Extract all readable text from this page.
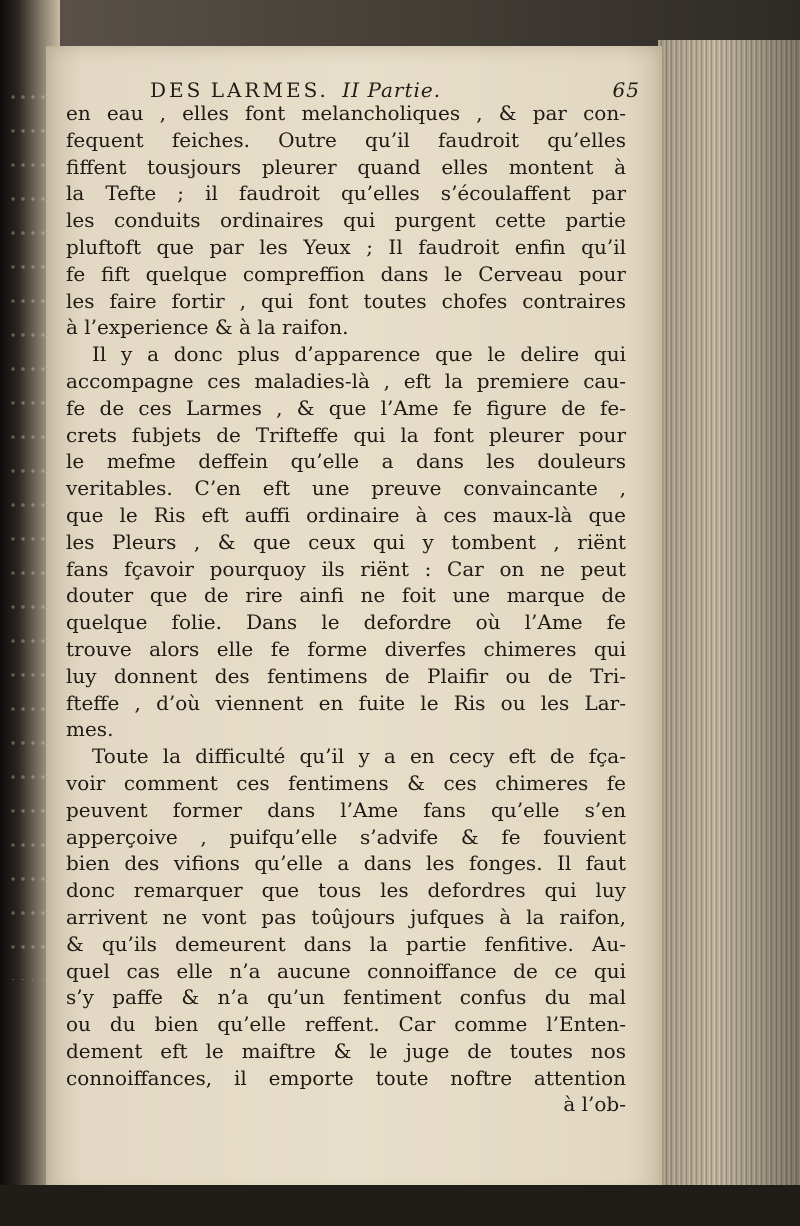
DES LARMES. II Partie.	65
en eau , elles font melancholiques , & par con-
fequent feiches. Outre qu’il faudroit qu’elles
fiffent tousjours pleurer quand elles montent à
la Tefte ; il faudroit qu’elles s’écoulaffent par
les conduits ordinaires qui purgent cette partie
pluftoft que par les Yeux ; Il faudroit enfin qu’il
fe fift quelque compreffion dans le Cerveau pour
les faire fortir , qui font toutes chofes contraires
à l’experience & à la raifon.
Il y a donc plus d’apparence que le delire qui
accompagne ces maladies-là , eft la premiere cau-
fe de ces Larmes , & que l’Ame fe figure de fe-
crets fubjets de Trifteffe qui la font pleurer pour
le mefme deffein qu’elle a dans les douleurs
veritables. C’en eft une preuve convaincante ,
que le Ris eft auffi ordinaire à ces maux-là que
les Pleurs , & que ceux qui y tombent , riënt
fans fçavoir pourquoy ils riënt : Car on ne peut
douter que de rire ainfi ne foit une marque de
quelque folie. Dans le defordre où l’Ame fe
trouve alors elle fe forme diverfes chimeres qui
luy donnent des fentimens de Plaifir ou de Tri-
fteffe , d’où viennent en fuite le Ris ou les Lar-
mes.
Toute la difficulté qu’il y a en cecy eft de fça-
voir comment ces fentimens & ces chimeres fe
peuvent former dans l’Ame fans qu’elle s’en
apperçoive , puifqu’elle s’advife & fe fouvient
bien des vifions qu’elle a dans les fonges. Il faut
donc remarquer que tous les defordres qui luy
arrivent ne vont pas toûjours jufques à la raifon,
& qu’ils demeurent dans la partie fenfitive. Au-
quel cas elle n’a aucune connoiffance de ce qui
s’y paffe & n’a qu’un fentiment confus du mal
ou du bien qu’elle reffent. Car comme l’Enten-
dement eft le maiftre & le juge de toutes nos
connoiffances, il emporte toute noftre attention
à l’ob-
